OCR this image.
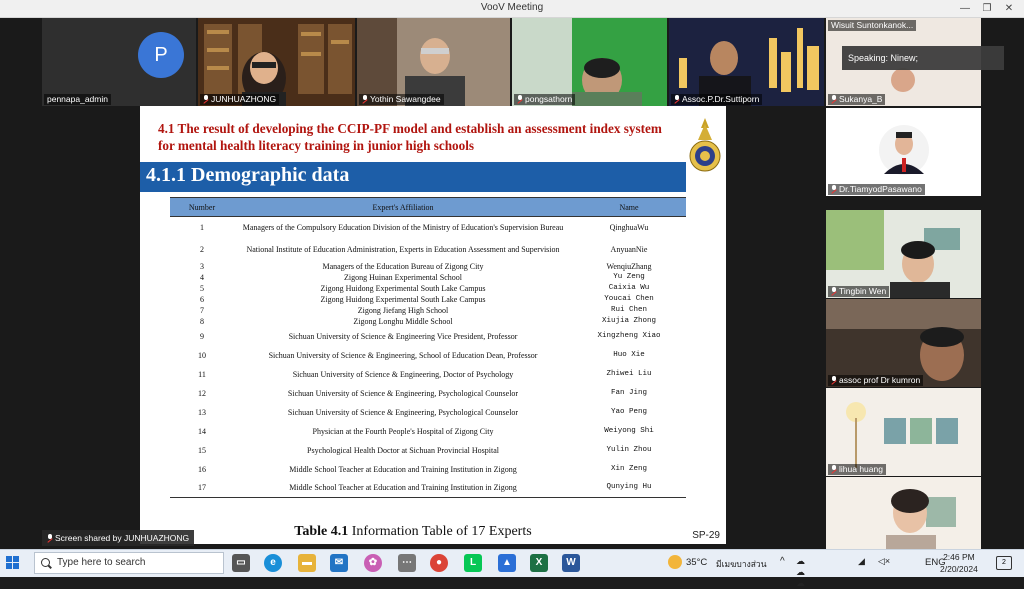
VooV Meeting	—	❐	✕
P
pennapa_admin	JUNHUAZHONG	Yothin Sawangdee	pongsathorn	Assoc.P.Dr.Suttiporn
Wisuit Suntonkanok...
Sukanya_B
Dr.TiamyodPasawano
Tingbin Wen
assoc prof Dr kumron
lihua huang
Speaking: Ninew;
4.1 The result of developing the CCIP-PF model and establish an assessment index system for mental health literacy training in junior high schools
4.1.1 Demographic data
Number	Expert's Affiliation	Name
1	Managers of the Compulsory Education Division of the Ministry of Education's Supervision Bureau	QinghuaWu
2	National Institute of Education Administration, Experts in Education Assessment and Supervision	AnyuanNie
3	Managers of the Education Bureau of Zigong City	WenqiuZhang
4	Zigong Huinan Experimental School	Yu Zeng
5	Zigong Huidong Experimental South Lake Campus	Caixia Wu
6	Zigong Huidong Experimental South Lake Campus	Youcai Chen
7	Zigong Jiefang High School	Rui Chen
8	Zigong Longhu Middle School	Xiujia Zhong
9	Sichuan University of Science & Engineering Vice President, Professor	Xingzheng Xiao
10	Sichuan University of Science & Engineering, School of Education Dean, Professor	Huo Xie
11	Sichuan University of Science & Engineering, Doctor of Psychology	Zhiwei Liu
12	Sichuan University of Science & Engineering, Psychological Counselor	Fan Jing
13	Sichuan University of Science & Engineering, Psychological Counselor	Yao Peng
14	Physician at the Fourth People's Hospital of Zigong City	Weiyong Shi
15	Psychological Health Doctor at Sichuan Provincial Hospital	Yulin Zhou
16	Middle School Teacher at Education and Training Institution in Zigong	Xin Zeng
17	Middle School Teacher at Education and Training Institution in Zigong	Qunying Hu
Table 4.1 Information Table of 17 Experts	SP-29
Screen shared by JUNHUAZHONG
Type here to search	▭	e	▬	✉	✿	⋯	●	L	▲	X	W	35°C มีเมฆบางส่วน ^ ☁☁☁
◢ ◁×	ENG
2:46 PM
2/20/2024
2
